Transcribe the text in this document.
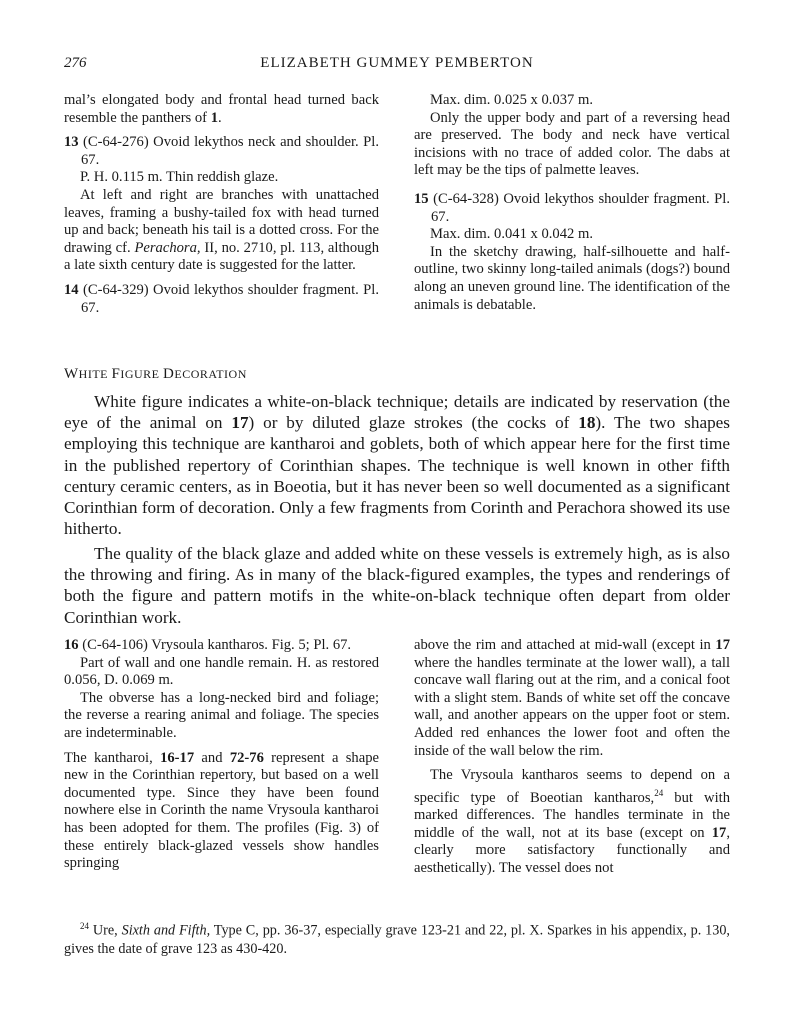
276	ELIZABETH GUMMEY PEMBERTON

mal’s elongated body and frontal head turned back resemble the panthers of 1.

13 (C-64-276) Ovoid lekythos neck and shoulder. Pl. 67.

P. H. 0.115 m. Thin reddish glaze.

At left and right are branches with unattached leaves, framing a bushy-tailed fox with head turned up and back; beneath his tail is a dotted cross. For the drawing cf. Perachora, II, no. 2710, pl. 113, although a late sixth century date is suggested for the latter.

14 (C-64-329) Ovoid lekythos shoulder fragment. Pl. 67.

Max. dim. 0.025 x 0.037 m.

Only the upper body and part of a reversing head are preserved. The body and neck have vertical incisions with no trace of added color. The dabs at left may be the tips of palmette leaves.

15 (C-64-328) Ovoid lekythos shoulder fragment. Pl. 67.

Max. dim. 0.041 x 0.042 m.

In the sketchy drawing, half-silhouette and half-outline, two skinny long-tailed animals (dogs?) bound along an uneven ground line. The identification of the animals is debatable.

WHITE FIGURE DECORATION

White figure indicates a white-on-black technique; details are indicated by reservation (the eye of the animal on 17) or by diluted glaze strokes (the cocks of 18). The two shapes employing this technique are kantharoi and goblets, both of which appear here for the first time in the published repertory of Corinthian shapes. The technique is well known in other fifth century ceramic centers, as in Boeotia, but it has never been so well documented as a significant Corinthian form of decoration. Only a few fragments from Corinth and Perachora showed its use hitherto.

The quality of the black glaze and added white on these vessels is extremely high, as is also the throwing and firing. As in many of the black-figured examples, the types and renderings of both the figure and pattern motifs in the white-on-black technique often depart from older Corinthian work.

16 (C-64-106) Vrysoula kantharos. Fig. 5; Pl. 67.

Part of wall and one handle remain. H. as restored 0.056, D. 0.069 m.

The obverse has a long-necked bird and foliage; the reverse a rearing animal and foliage. The species are indeterminable.

The kantharoi, 16-17 and 72-76 represent a shape new in the Corinthian repertory, but based on a well documented type. Since they have been found nowhere else in Corinth the name Vrysoula kantharoi has been adopted for them. The profiles (Fig. 3) of these entirely black-glazed vessels show handles springing

above the rim and attached at mid-wall (except in 17 where the handles terminate at the lower wall), a tall concave wall flaring out at the rim, and a conical foot with a slight stem. Bands of white set off the concave wall, and another appears on the upper foot or stem. Added red enhances the lower foot and often the inside of the wall below the rim.

The Vrysoula kantharos seems to depend on a specific type of Boeotian kantharos,$^{24}$ but with marked differences. The handles terminate in the middle of the wall, not at its base (except on 17, clearly more satisfactory functionally and aesthetically). The vessel does not

$^{24}$ Ure, Sixth and Fifth, Type C, pp. 36-37, especially grave 123-21 and 22, pl. X. Sparkes in his appendix, p. 130, gives the date of grave 123 as 430-420.
